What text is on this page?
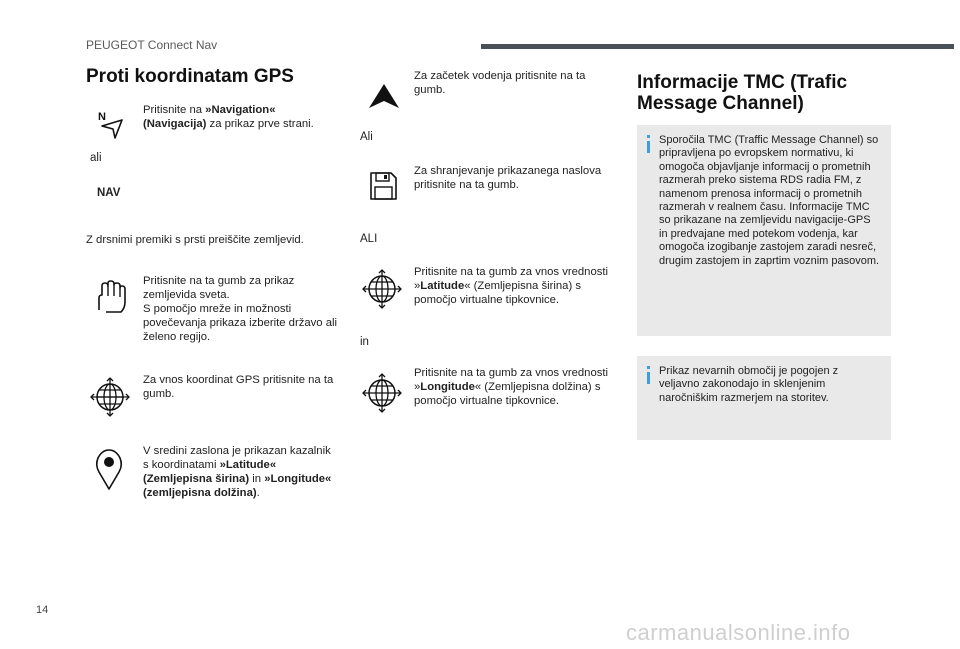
PEUGEOT Connect Nav
Proti koordinatam GPS
N
Pritisnite na »Navigation« (Navigacija) za prikaz prve strani.
ali
NAV
Z drsnimi premiki s prsti preiščite zemljevid.
Pritisnite na ta gumb za prikaz zemljevida sveta.
S pomočjo mreže in možnosti povečevanja prikaza izberite državo ali želeno regijo.
Za vnos koordinat GPS pritisnite na ta gumb.
V sredini zaslona je prikazan kazalnik s koordinatami »Latitude« (Zemljepisna širina) in »Longitude« (zemljepisna dolžina).
Za začetek vodenja pritisnite na ta gumb.
Ali
Za shranjevanje prikazanega naslova pritisnite na ta gumb.
ALI
Pritisnite na ta gumb za vnos vrednosti »Latitude« (Zemljepisna širina) s pomočjo virtualne tipkovnice.
in
Pritisnite na ta gumb za vnos vrednosti »Longitude« (Zemljepisna dolžina) s pomočjo virtualne tipkovnice.
Informacije TMC (Trafic
Message Channel)
Sporočila TMC (Traffic Message Channel) so pripravljena po evropskem normativu, ki omogoča objavljanje informacij o prometnih razmerah preko sistema RDS radia FM, z namenom prenosa informacij o prometnih razmerah v realnem času. Informacije TMC so prikazane na zemljevidu navigacije-GPS in predvajane med potekom vodenja, kar omogoča izogibanje zastojem zaradi nesreč, drugim zastojem in zaprtim voznim pasovom.
Prikaz nevarnih območij je pogojen z veljavno zakonodajo in sklenjenim naročniškim razmerjem na storitev.
14
carmanualsonline.info
